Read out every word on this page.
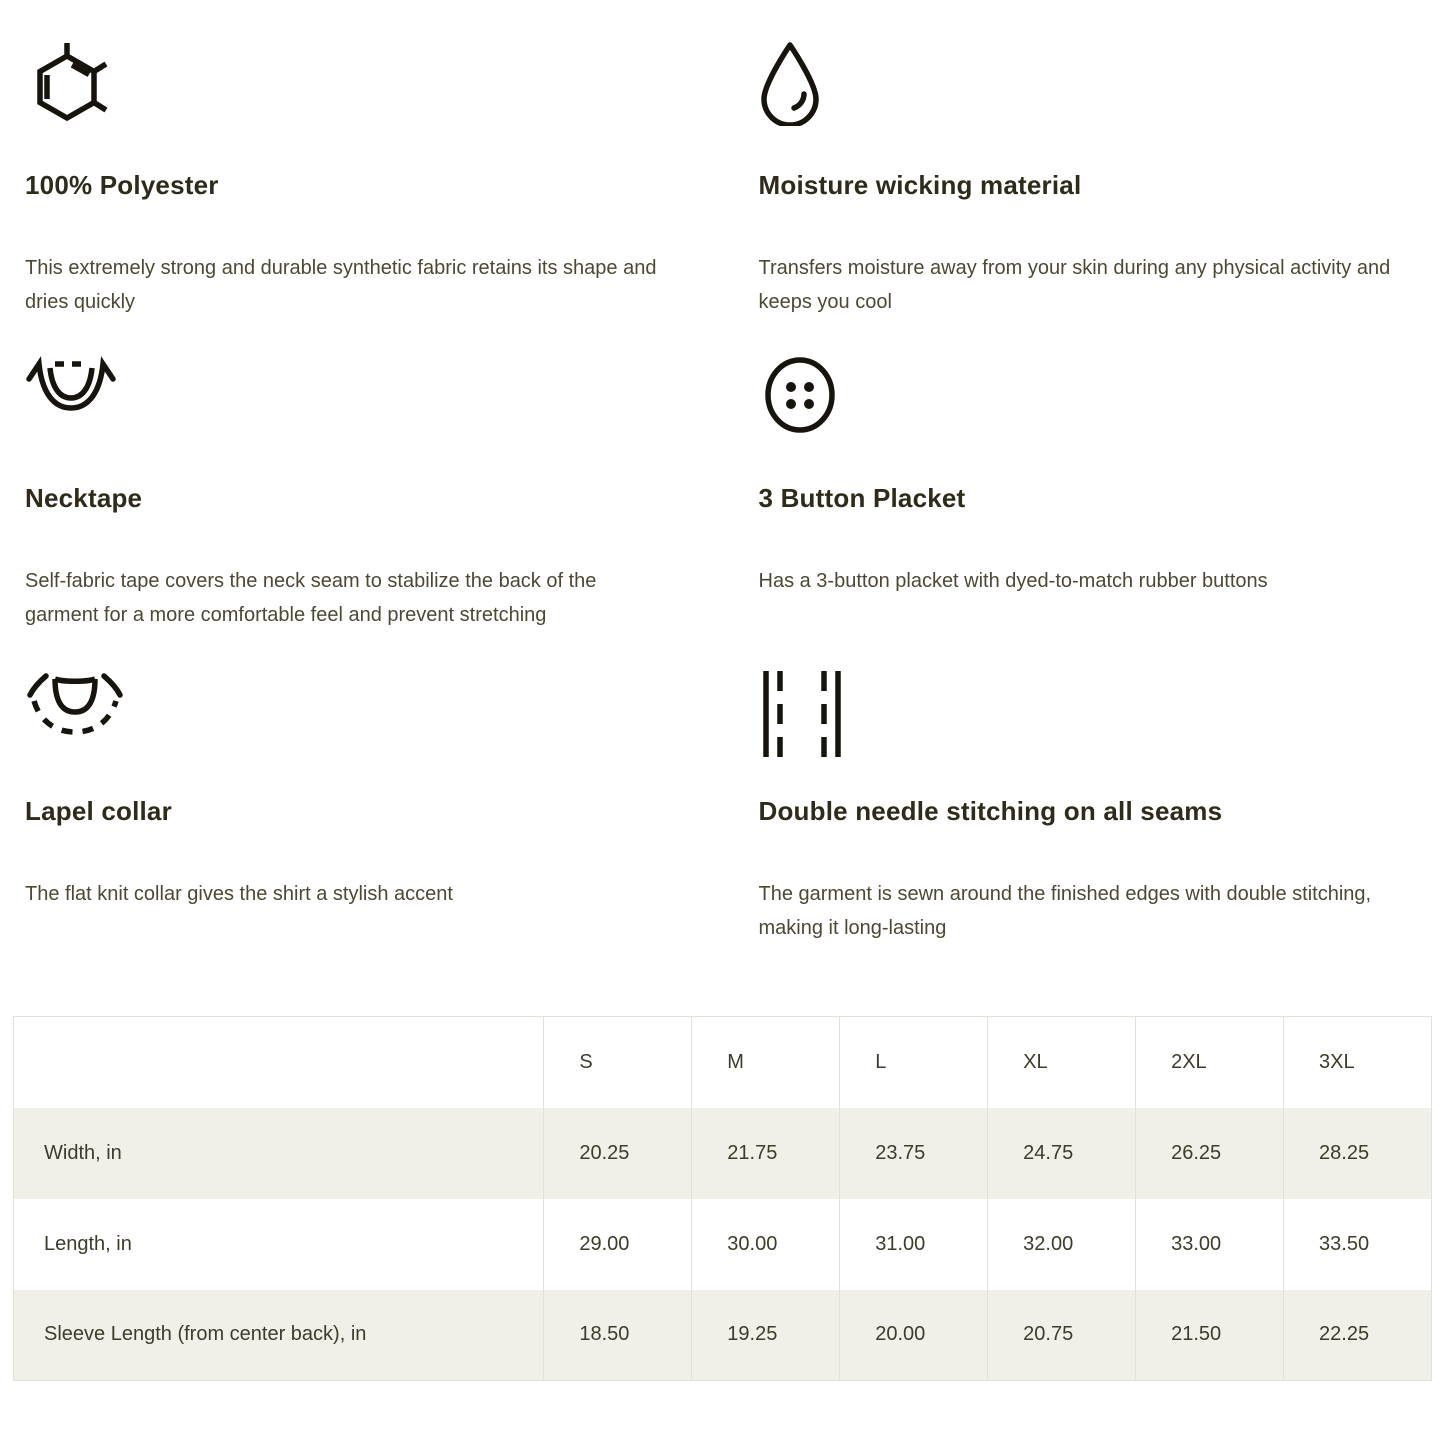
100% Polyester

This extremely strong and durable synthetic fabric retains its shape and dries quickly

Moisture wicking material

Transfers moisture away from your skin during any physical activity and keeps you cool

Necktape

Self-fabric tape covers the neck seam to stabilize the back of the garment for a more comfortable feel and prevent stretching

3 Button Placket

Has a 3-button placket with dyed-to-match rubber buttons

Lapel collar

The flat knit collar gives the shirt a stylish accent

Double needle stitching on all seams

The garment is sewn around the finished edges with double stitching, making it long-lasting

	S	M	L	XL	2XL	3XL
Width, in	20.25	21.75	23.75	24.75	26.25	28.25
Length, in	29.00	30.00	31.00	32.00	33.00	33.50
Sleeve Length (from center back), in	18.50	19.25	20.00	20.75	21.50	22.25
